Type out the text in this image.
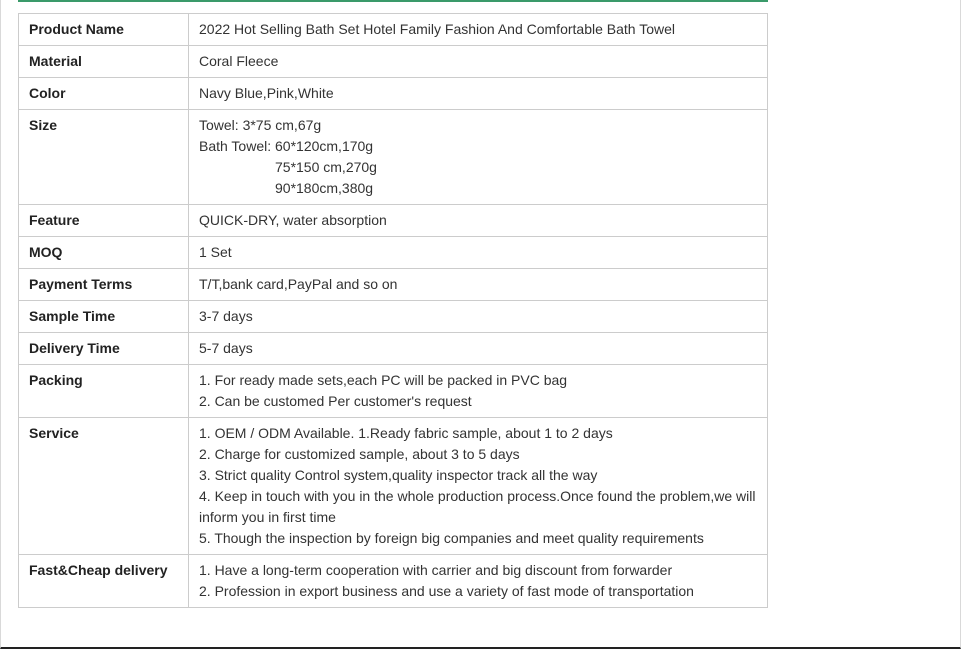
Product Name	2022 Hot Selling Bath Set Hotel Family Fashion And Comfortable Bath Towel

Material	Coral Fleece

Color	Navy Blue,Pink,White

Size	Towel: 3*75 cm,67g
Bath Towel: 60*120cm,170g
75*150 cm,270g
90*180cm,380g

Feature	QUICK-DRY, water absorption

MOQ	1 Set

Payment Terms	T/T,bank card,PayPal and so on

Sample Time	3-7 days

Delivery Time	5-7 days

Packing	1. For ready made sets,each PC will be packed in PVC bag
2. Can be customed Per customer's request

Service	1. OEM / ODM Available. 1.Ready fabric sample, about 1 to 2 days
2. Charge for customized sample, about 3 to 5 days
3. Strict quality Control system,quality inspector track all the way
4. Keep in touch with you in the whole production process.Once found the problem,we will inform you in first time
5. Though the inspection by foreign big companies and meet quality requirements

Fast&Cheap delivery	1. Have a long-term cooperation with carrier and big discount from forwarder
2. Profession in export business and use a variety of fast mode of transportation
